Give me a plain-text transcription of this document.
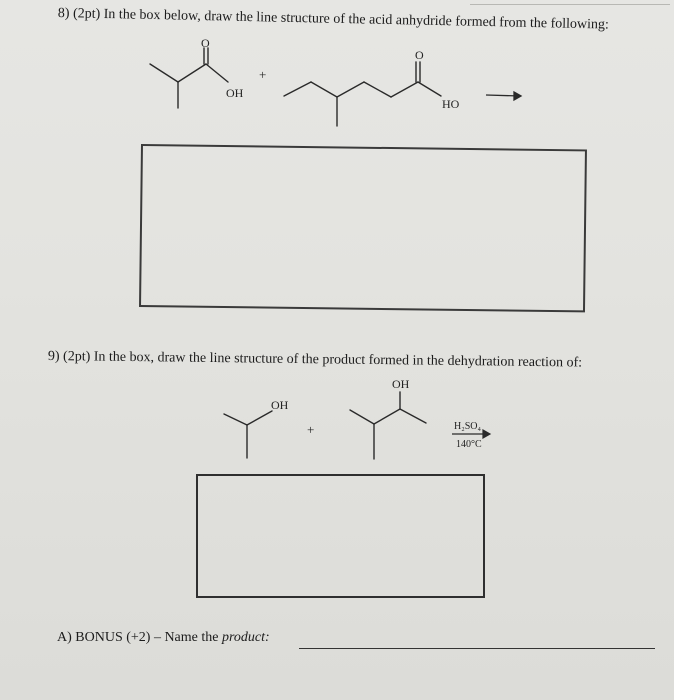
8) (2pt) In the box below, draw the line structure of the acid anhydride formed from the following:
O
OH
+
O
HO
OH
+
OH
H₂SO₄
140°C
9) (2pt) In the box, draw the line structure of the product formed in the dehydration reaction of:
A) BONUS (+2) – Name the product:
